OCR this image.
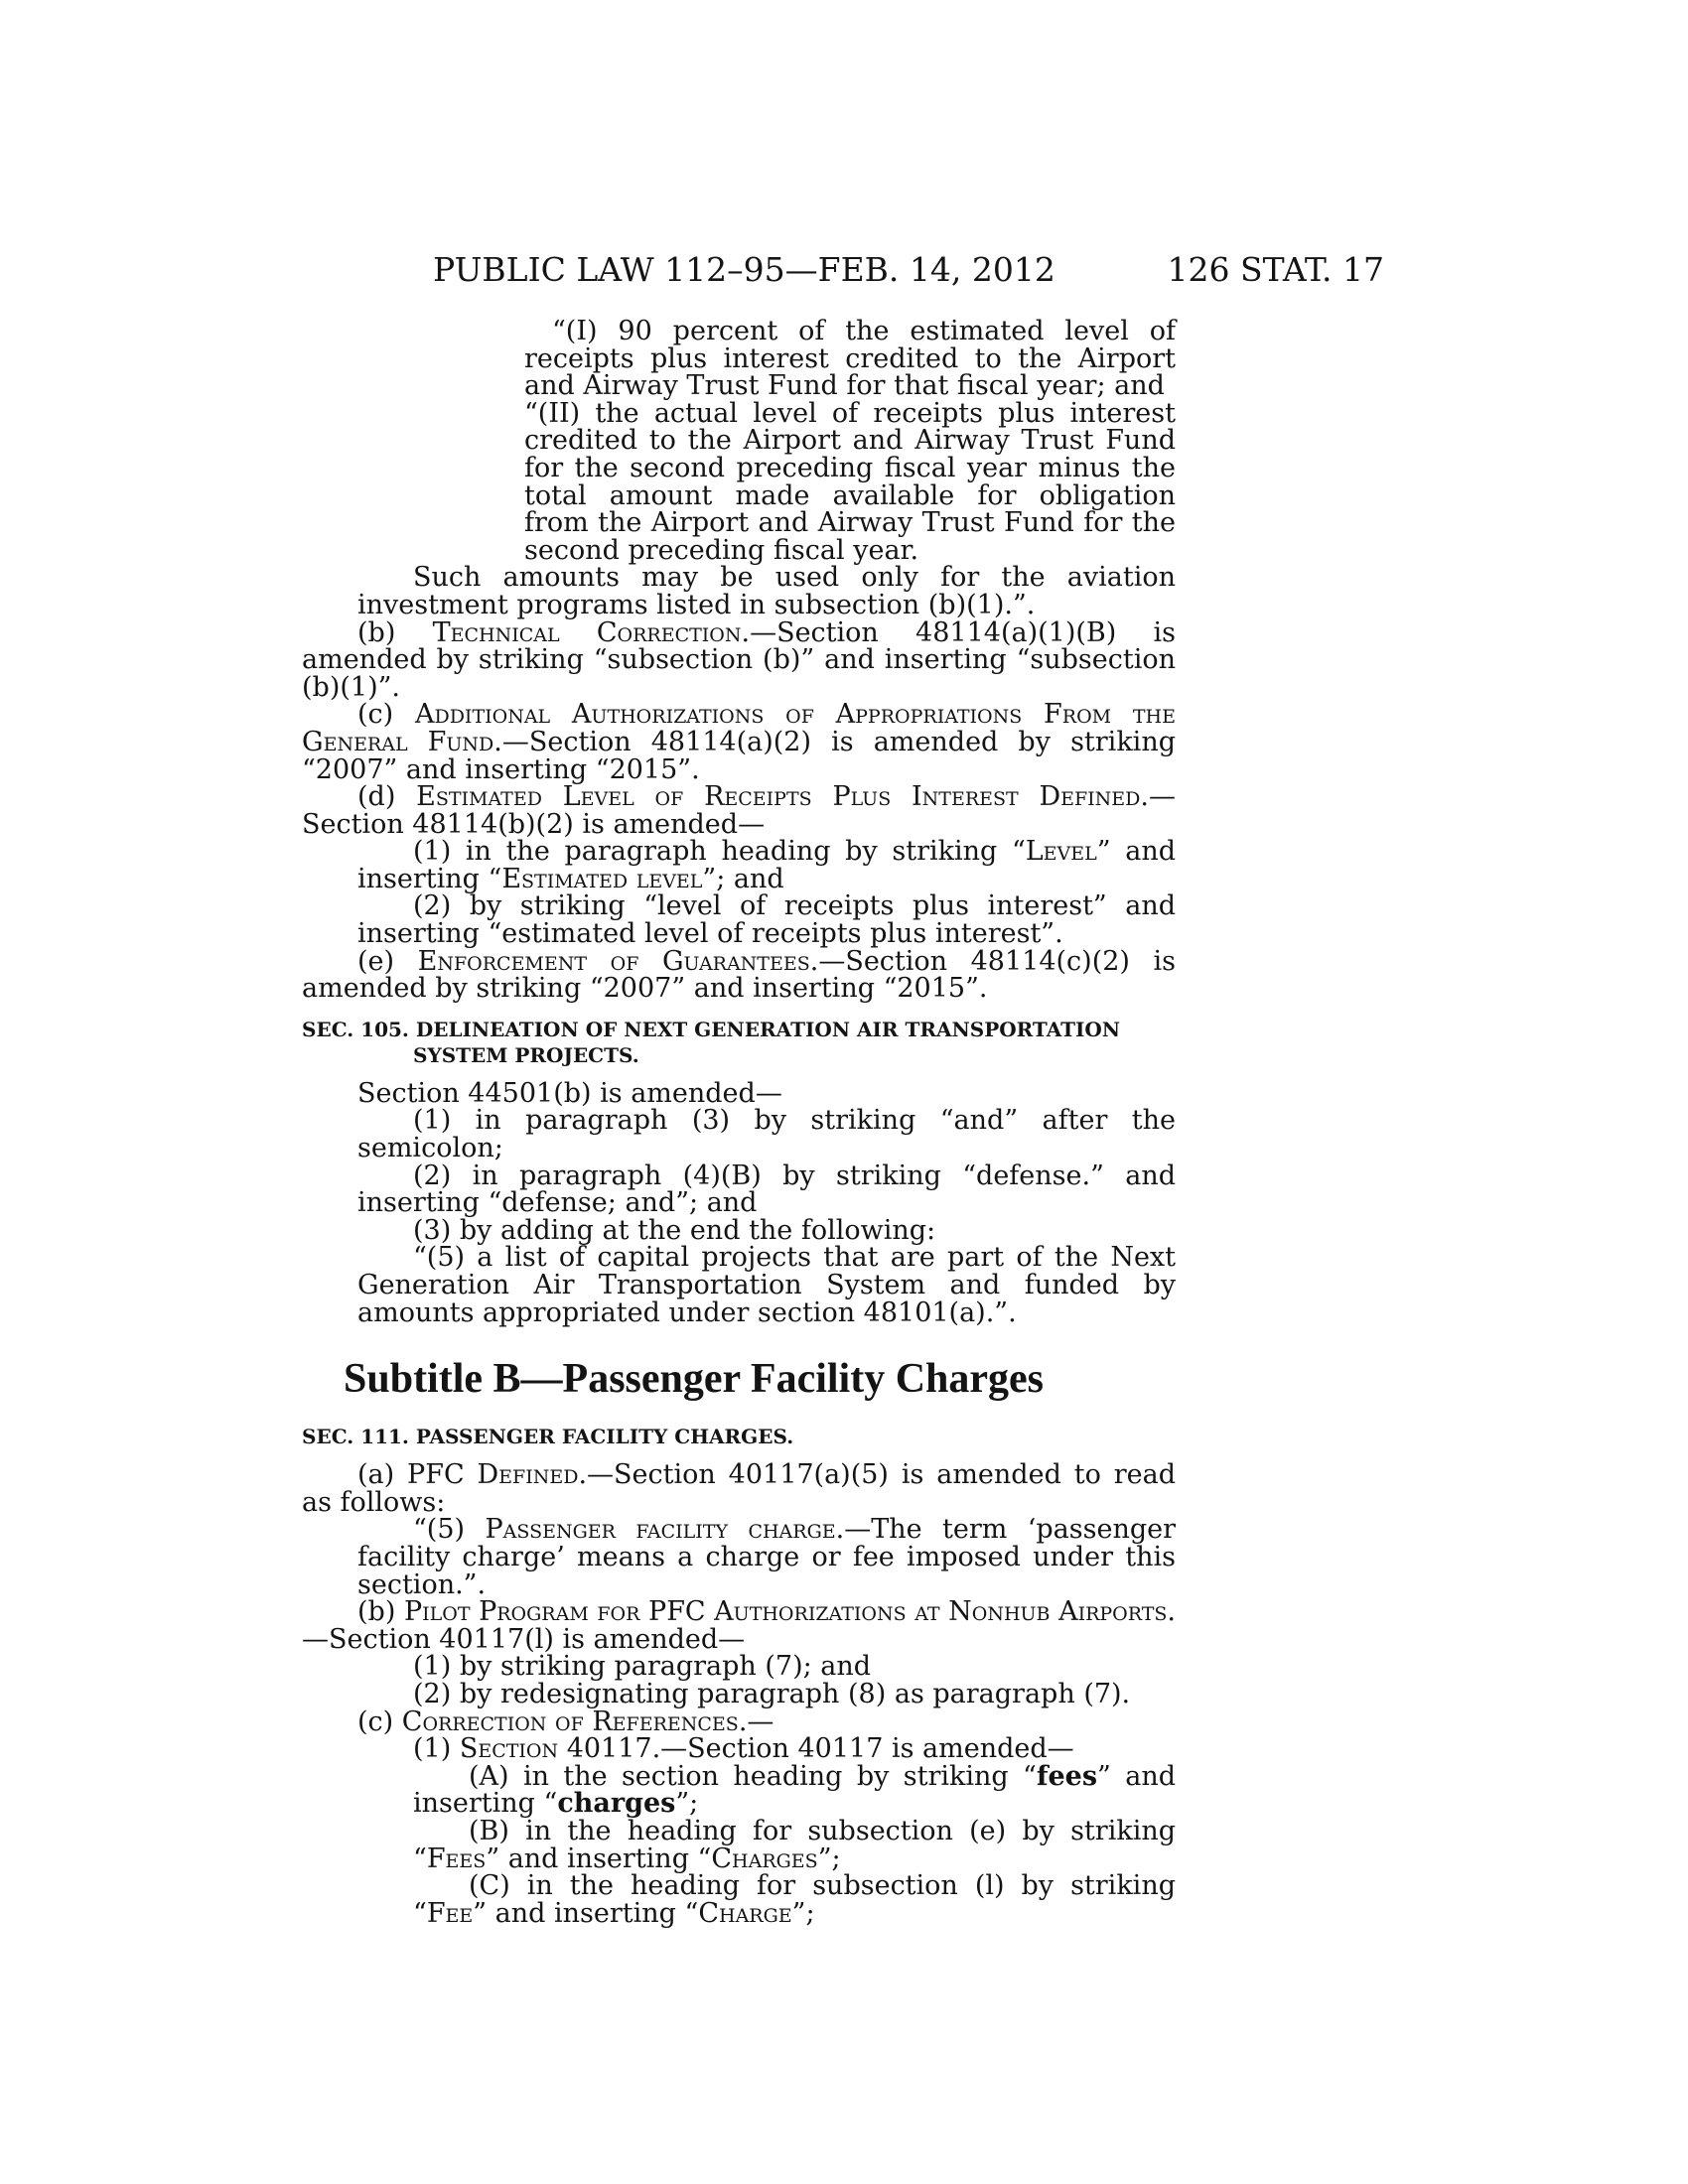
PUBLIC LAW 112–95—FEB. 14, 2012	126 STAT. 17

“(I) 90 percent of the estimated level of receipts plus interest credited to the Airport and Airway Trust Fund for that fiscal year; and

“(II) the actual level of receipts plus interest credited to the Airport and Airway Trust Fund for the second preceding fiscal year minus the total amount made available for obligation from the Airport and Airway Trust Fund for the second preceding fiscal year.

Such amounts may be used only for the aviation investment programs listed in subsection (b)(1).”.

(b) Technical Correction.—Section 48114(a)(1)(B) is amended by striking “subsection (b)” and inserting “subsection (b)(1)”.

(c) Additional Authorizations of Appropriations From the General Fund.—Section 48114(a)(2) is amended by striking “2007” and inserting “2015”.

(d) Estimated Level of Receipts Plus Interest Defined.— Section 48114(b)(2) is amended—

(1) in the paragraph heading by striking “Level” and inserting “Estimated level”; and

(2) by striking “level of receipts plus interest” and inserting “estimated level of receipts plus interest”.

(e) Enforcement of Guarantees.—Section 48114(c)(2) is amended by striking “2007” and inserting “2015”.

SEC. 105. DELINEATION OF NEXT GENERATION AIR TRANSPORTATION
SYSTEM PROJECTS.

Section 44501(b) is amended—

(1) in paragraph (3) by striking “and” after the semicolon;

(2) in paragraph (4)(B) by striking “defense.” and inserting “defense; and”; and

(3) by adding at the end the following:

“(5) a list of capital projects that are part of the Next Generation Air Transportation System and funded by amounts appropriated under section 48101(a).”.

Subtitle B—Passenger Facility Charges
SEC. 111. PASSENGER FACILITY CHARGES.

(a) PFC Defined.—Section 40117(a)(5) is amended to read as follows:

“(5) Passenger facility charge.—The term ‘passenger facility charge’ means a charge or fee imposed under this section.”.

(b) Pilot Program for PFC Authorizations at Nonhub Airports.—Section 40117(l) is amended—

(1) by striking paragraph (7); and

(2) by redesignating paragraph (8) as paragraph (7).

(c) Correction of References.—

(1) Section 40117.—Section 40117 is amended—

(A) in the section heading by striking “fees” and inserting “charges”;

(B) in the heading for subsection (e) by striking “Fees” and inserting “Charges”;

(C) in the heading for subsection (l) by striking “Fee” and inserting “Charge”;
